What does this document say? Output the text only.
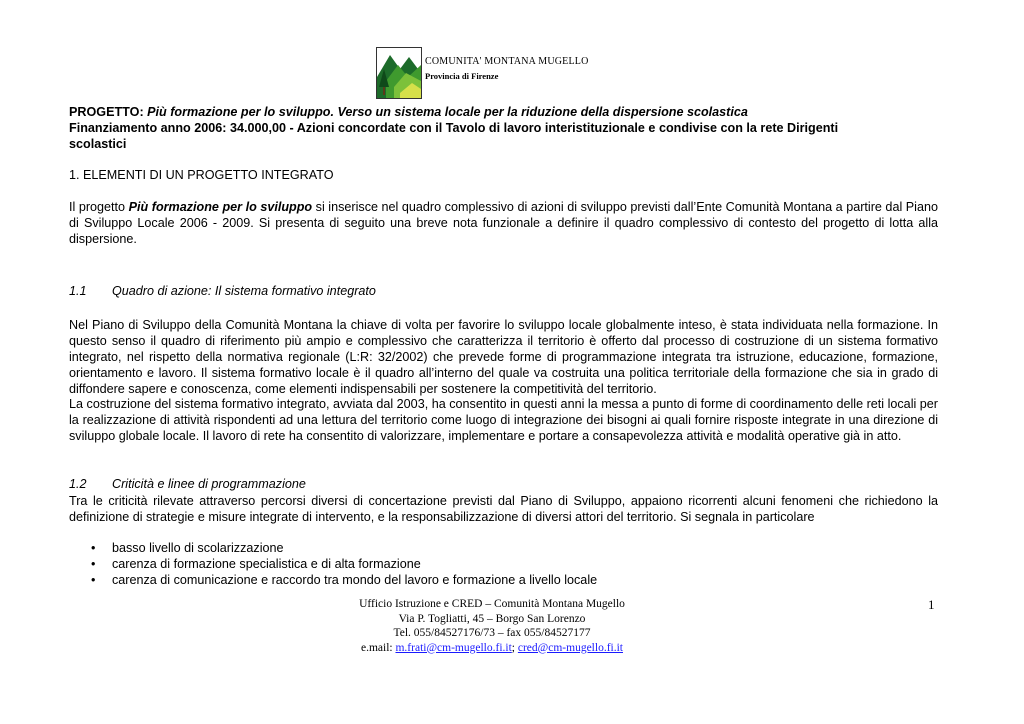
COMUNITA' MONTANA MUGELLO
Provincia di Firenze
PROGETTO: Più formazione per lo sviluppo. Verso un sistema locale per la riduzione della dispersione scolastica
Finanziamento anno 2006: 34.000,00 - Azioni concordate con il Tavolo di lavoro interistituzionale e condivise con la rete Dirigenti
scolastici
1. ELEMENTI DI UN PROGETTO INTEGRATO
Il progetto Più formazione per lo sviluppo si inserisce nel quadro complessivo di azioni di sviluppo previsti dall’Ente Comunità Montana a partire dal Piano di Sviluppo Locale 2006 - 2009. Si presenta di seguito una breve nota funzionale a definire il quadro complessivo di contesto del progetto di lotta alla dispersione.
1.1 Quadro di azione: Il sistema formativo integrato
Nel Piano di Sviluppo della Comunità Montana la chiave di volta per favorire lo sviluppo locale globalmente inteso, è stata individuata nella formazione. In questo senso il quadro di riferimento più ampio e complessivo che caratterizza il territorio è offerto dal processo di costruzione di un sistema formativo integrato, nel rispetto della normativa regionale (L:R: 32/2002) che prevede forme di programmazione integrata tra istruzione, educazione, formazione, orientamento e lavoro. Il sistema formativo locale è il quadro all’interno del quale va costruita una politica territoriale della formazione che sia in grado di diffondere sapere e conoscenza, come elementi indispensabili per sostenere la competitività del territorio.
La costruzione del sistema formativo integrato, avviata dal 2003, ha consentito in questi anni la messa a punto di forme di coordinamento delle reti locali per la realizzazione di attività rispondenti ad una lettura del territorio come luogo di integrazione dei bisogni ai quali fornire risposte integrate in una direzione di sviluppo globale locale. Il lavoro di rete ha consentito di valorizzare, implementare e portare a consapevolezza attività e modalità operative già in atto.
1.2 Criticità e linee di programmazione
Tra le criticità rilevate attraverso percorsi diversi di concertazione previsti dal Piano di Sviluppo, appaiono ricorrenti alcuni fenomeni che richiedono la definizione di strategie e misure integrate di intervento, e la responsabilizzazione di diversi attori del territorio. Si segnala in particolare
• basso livello di scolarizzazione
• carenza di formazione specialistica e di alta formazione
• carenza di comunicazione e raccordo tra mondo del lavoro e formazione a livello locale
Ufficio Istruzione e CRED – Comunità Montana Mugello
Via P. Togliatti, 45 – Borgo San Lorenzo
Tel. 055/84527176/73 – fax 055/84527177
e.mail: m.frati@cm-mugello.fi.it; cred@cm-mugello.fi.it
1
